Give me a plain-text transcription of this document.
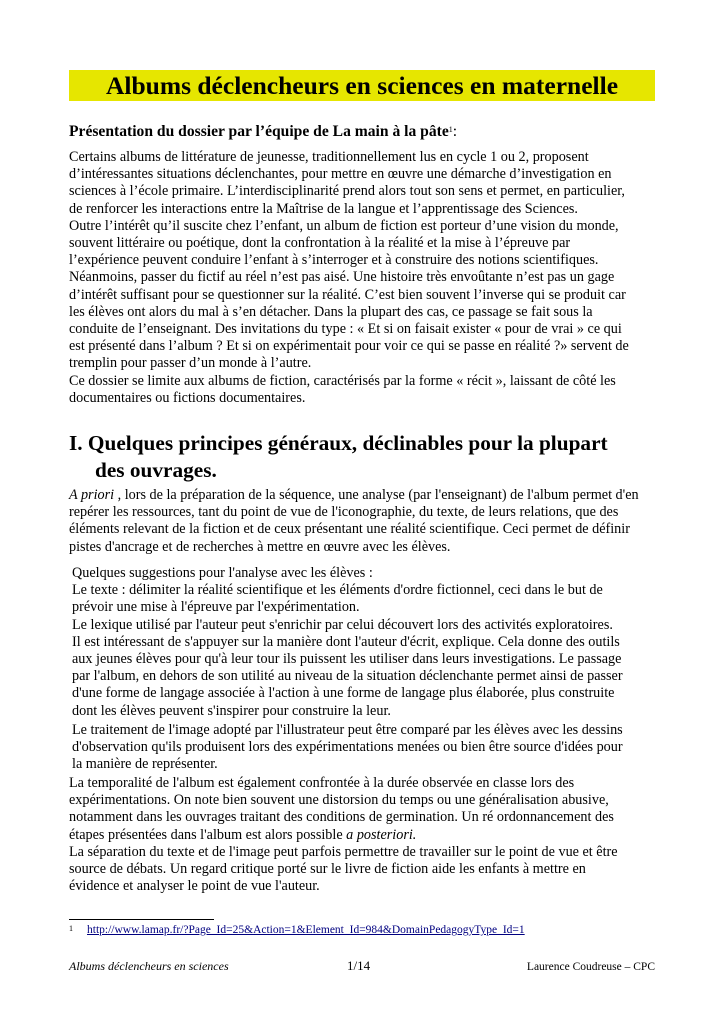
Albums déclencheurs en sciences en maternelle
Présentation du dossier par l’équipe de La main à la pâte$^1$:

Certains albums de littérature de jeunesse, traditionnellement lus en cycle 1 ou 2, proposent

d’intéressantes situations déclenchantes, pour mettre en œuvre une démarche d’investigation en

sciences à l’école primaire. L’interdisciplinarité prend alors tout son sens et permet, en particulier,

de renforcer les interactions entre la Maîtrise de la langue et l’apprentissage des Sciences.

Outre l’intérêt qu’il suscite chez l’enfant, un album de fiction est porteur d’une vision du monde,

souvent littéraire ou poétique, dont la confrontation à la réalité et la mise à l’épreuve par

l’expérience peuvent conduire l’enfant à s’interroger et à construire des notions scientifiques.

Néanmoins, passer du fictif au réel n’est pas aisé. Une histoire très envoûtante n’est pas un gage

d’intérêt suffisant pour se questionner sur la réalité. C’est bien souvent l’inverse qui se produit car

les élèves ont alors du mal à s’en détacher. Dans la plupart des cas, ce passage se fait sous la

conduite de l’enseignant. Des invitations du type : « Et si on faisait exister « pour de vrai » ce qui

est présenté dans l’album ? Et si on expérimentait pour voir ce qui se passe en réalité ?» servent de

tremplin pour passer d’un monde à l’autre.

Ce dossier se limite aux albums de fiction, caractérisés par la forme « récit », laissant de côté les

documentaires ou fictions documentaires.

I. Quelques principes généraux, déclinables pour la plupart
des ouvrages.

A priori , lors de la préparation de la séquence, une analyse (par l'enseignant) de l'album permet d'en

repérer les ressources, tant du point de vue de l'iconographie, du texte, de leurs relations, que des

éléments relevant de la fiction et de ceux présentant une réalité scientifique. Ceci permet de définir

pistes d'ancrage et de recherches à mettre en œuvre avec les élèves.

Quelques suggestions pour l'analyse avec les élèves :

Le texte : délimiter la réalité scientifique et les éléments d'ordre fictionnel, ceci dans le but de

prévoir une mise à l'épreuve par l'expérimentation.

Le lexique utilisé par l'auteur peut s'enrichir par celui découvert lors des activités exploratoires.

Il est intéressant de s'appuyer sur la manière dont l'auteur d'écrit, explique. Cela donne des outils

aux jeunes élèves pour qu'à leur tour ils puissent les utiliser dans leurs investigations. Le passage

par l'album, en dehors de son utilité au niveau de la situation déclenchante permet ainsi de passer

d'une forme de langage associée à l'action à une forme de langage plus élaborée, plus construite

dont les élèves peuvent s'inspirer pour construire la leur.

Le traitement de l'image adopté par l'illustrateur peut être comparé par les élèves avec les dessins

d'observation qu'ils produisent lors des expérimentations menées ou bien être source d'idées pour

la manière de représenter.

La temporalité de l'album est également confrontée à la durée observée en classe lors des

expérimentations. On note bien souvent une distorsion du temps ou une généralisation abusive,

notamment dans les ouvrages traitant des conditions de germination. Un ré ordonnancement des

étapes présentées dans l'album est alors possible a posteriori.

La séparation du texte et de l'image peut parfois permettre de travailler sur le point de vue et être

source de débats. Un regard critique porté sur le livre de fiction aide les enfants à mettre en

évidence et analyser le point de vue l'auteur.

1 http://www.lamap.fr/?Page_Id=25&Action=1&Element_Id=984&DomainPedagogyType_Id=1
Albums déclencheurs en sciences	1/14	Laurence Coudreuse – CPC
